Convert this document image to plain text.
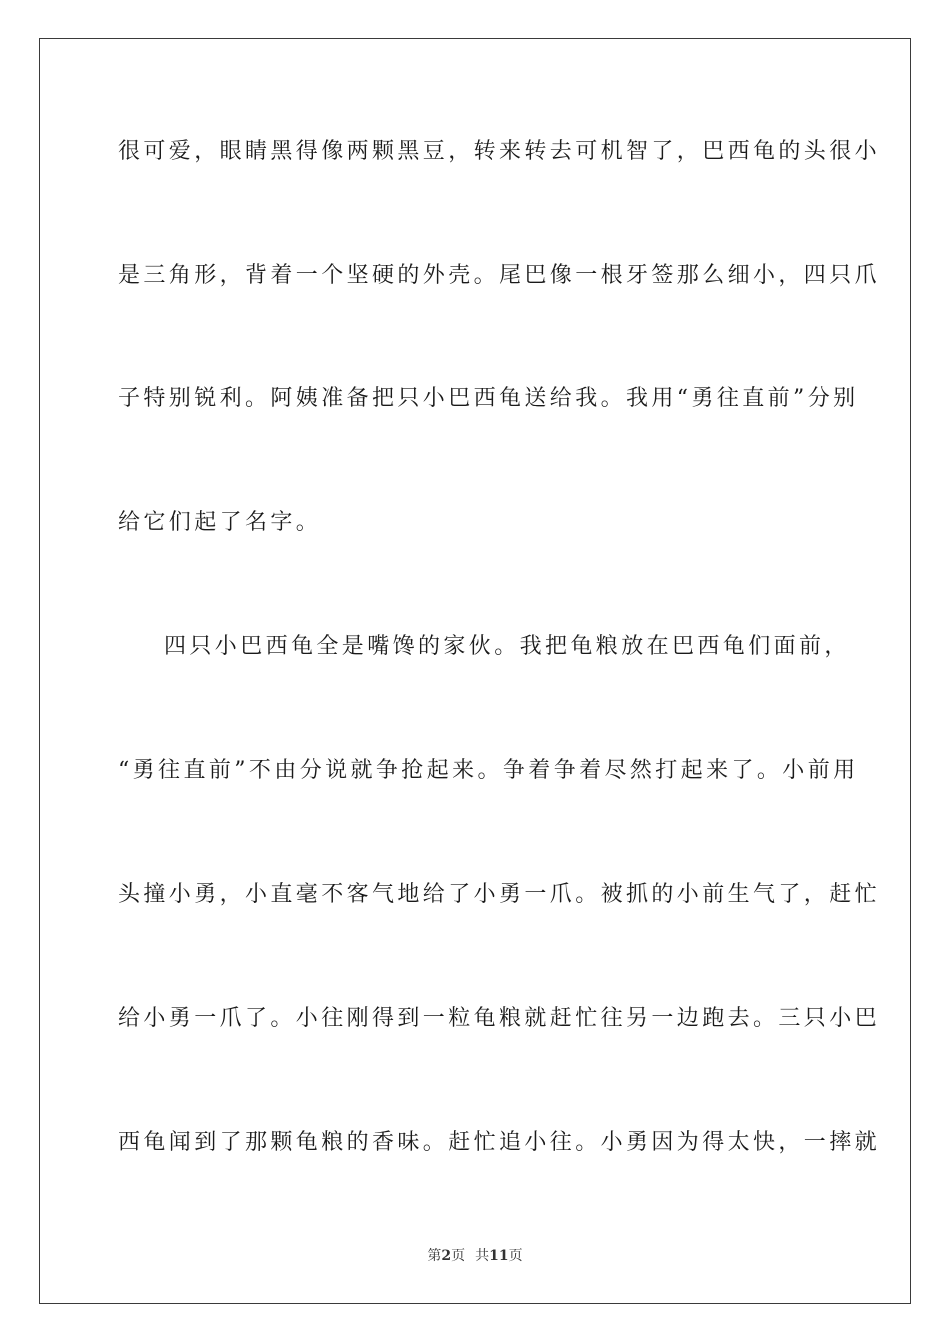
很可爱，眼睛黑得像两颗黑豆，转来转去可机智了，巴西龟的头很小
是三角形，背着一个坚硬的外壳。尾巴像一根牙签那么细小，四只爪
子特别锐利。阿姨准备把只小巴西龟送给我。我用“勇往直前”分别
给它们起了名字。
四只小巴西龟全是嘴馋的家伙。我把龟粮放在巴西龟们面前，
“勇往直前”不由分说就争抢起来。争着争着尽然打起来了。小前用
头撞小勇，小直毫不客气地给了小勇一爪。被抓的小前生气了，赶忙
给小勇一爪了。小往刚得到一粒龟粮就赶忙往另一边跑去。三只小巴
西龟闻到了那颗龟粮的香味。赶忙追小往。小勇因为得太快，一摔就
第2页 共11页
